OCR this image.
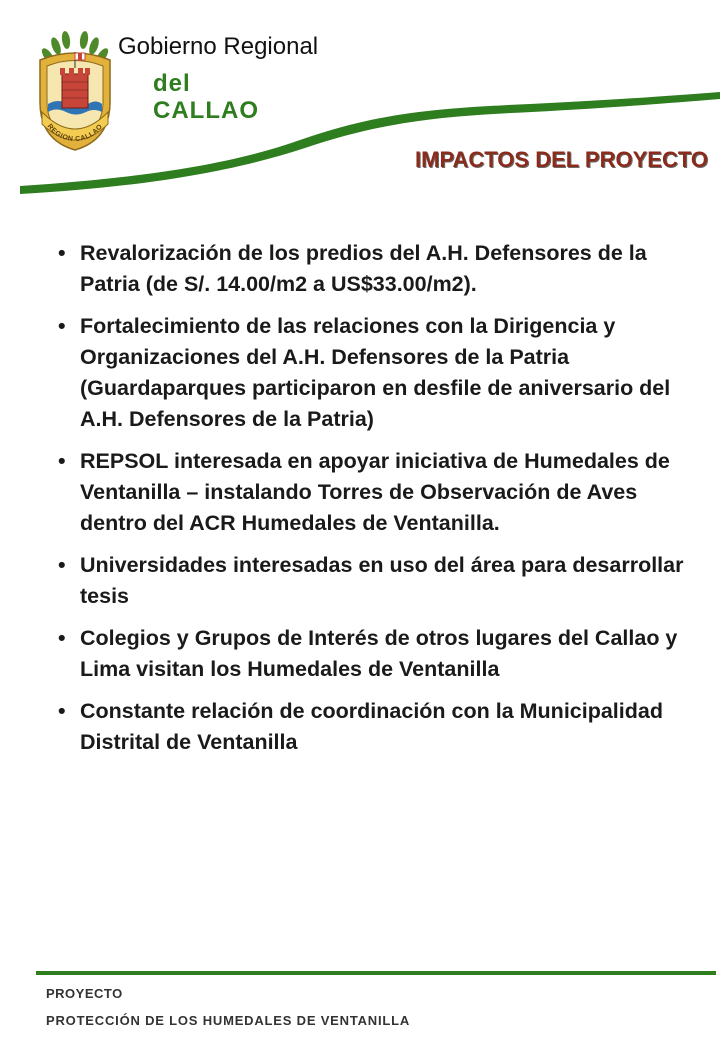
REGION CALLAO
Gobierno Regional
del
CALLAO
IMPACTOS DEL PROYECTO
• Revalorización de los predios del A.H. Defensores de la Patria (de S/. 14.00/m2 a US$33.00/m2).
• Fortalecimiento de las relaciones con la Dirigencia y Organizaciones del A.H. Defensores de la Patria (Guardaparques participaron en desfile de aniversario del A.H. Defensores de la Patria)
• REPSOL interesada en apoyar iniciativa de Humedales de Ventanilla – instalando Torres de Observación de Aves dentro del ACR Humedales de Ventanilla.
• Universidades interesadas en uso del área para desarrollar tesis
• Colegios y Grupos de Interés de otros lugares del Callao y Lima visitan los Humedales de Ventanilla
• Constante relación de coordinación con la Municipalidad Distrital de Ventanilla
PROYECTO
PROTECCIÓN DE LOS HUMEDALES DE VENTANILLA
